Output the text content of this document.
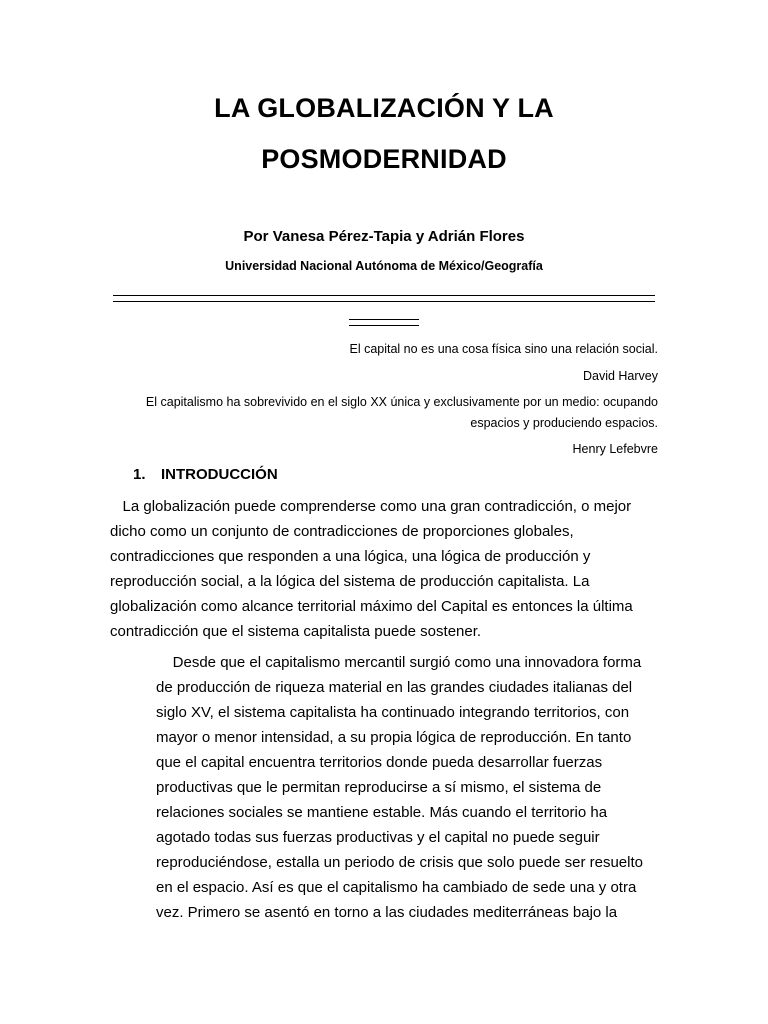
LA GLOBALIZACIÓN Y LA
POSMODERNIDAD
Por Vanesa Pérez-Tapia y Adrián Flores
Universidad Nacional Autónoma de México/Geografía
El capital no es una cosa física sino una relación social.
David Harvey
El capitalismo ha sobrevivido en el siglo XX única y exclusivamente por un medio: ocupando
espacios y produciendo espacios.
Henry Lefebvre
1. INTRODUCCIÓN
La globalización puede comprenderse como una gran contradicción, o mejor
dicho como un conjunto de contradicciones de proporciones globales,
contradicciones que responden a una lógica, una lógica de producción y
reproducción social, a la lógica del sistema de producción capitalista. La
globalización como alcance territorial máximo del Capital es entonces la última
contradicción que el sistema capitalista puede sostener.
Desde que el capitalismo mercantil surgió como una innovadora forma
de producción de riqueza material en las grandes ciudades italianas del
siglo XV, el sistema capitalista ha continuado integrando territorios, con
mayor o menor intensidad, a su propia lógica de reproducción. En tanto
que el capital encuentra territorios donde pueda desarrollar fuerzas
productivas que le permitan reproducirse a sí mismo, el sistema de
relaciones sociales se mantiene estable. Más cuando el territorio ha
agotado todas sus fuerzas productivas y el capital no puede seguir
reproduciéndose, estalla un periodo de crisis que solo puede ser resuelto
en el espacio. Así es que el capitalismo ha cambiado de sede una y otra
vez. Primero se asentó en torno a las ciudades mediterráneas bajo la
